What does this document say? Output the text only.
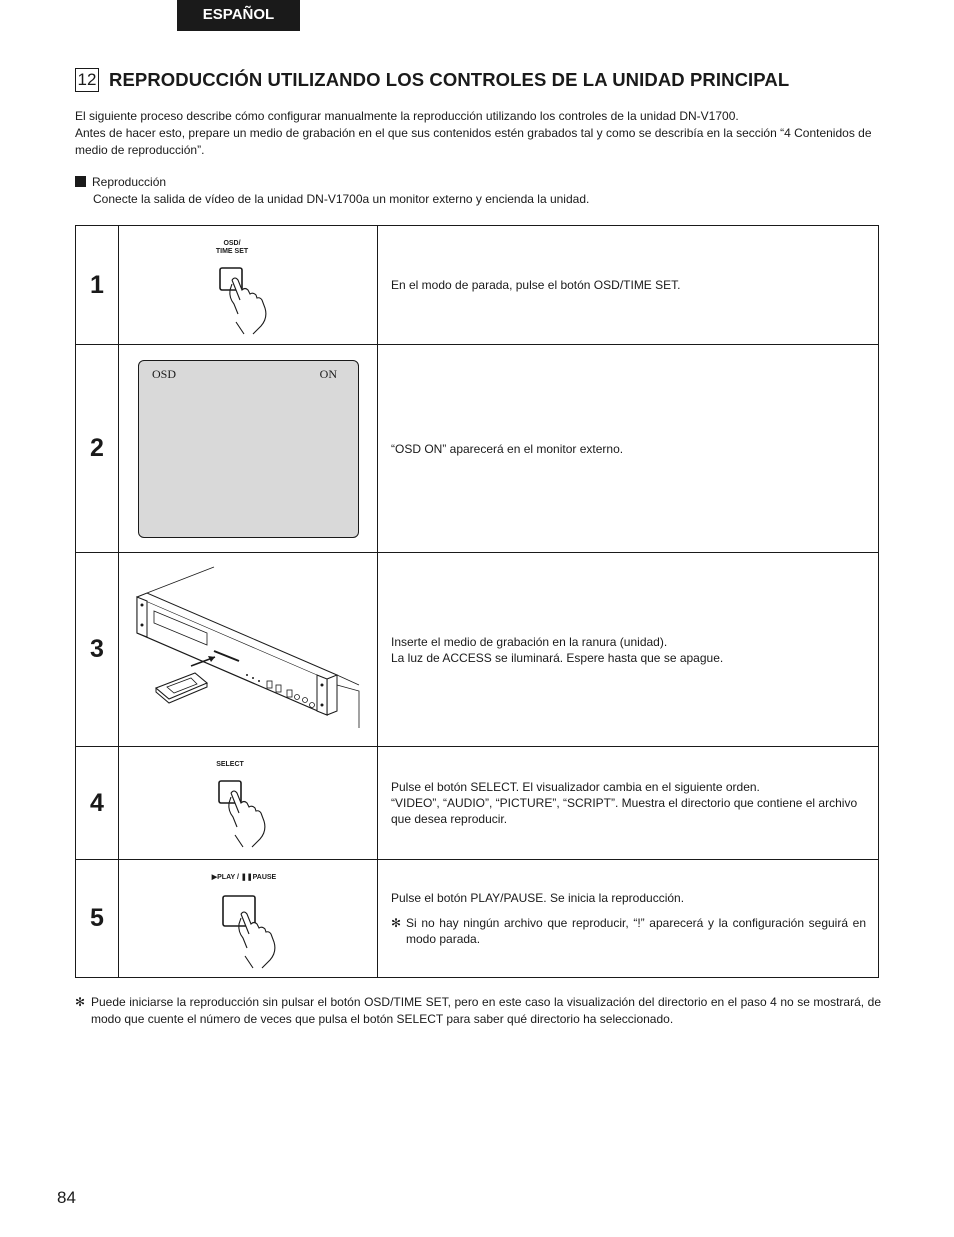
ESPAÑOL
12 REPRODUCCIÓN UTILIZANDO LOS CONTROLES DE LA UNIDAD PRINCIPAL

El siguiente proceso describe cómo configurar manualmente la reproducción utilizando los controles de la unidad DN-V1700.

Antes de hacer esto, prepare un medio de grabación en el que sus contenidos estén grabados tal y como se describía en la sección “4 Contenidos de medio de reproducción”.

Reproducción
Conecte la salida de vídeo de la unidad DN-V1700a un monitor externo y encienda la unidad.
1
OSD/
TIME SET

En el modo de parada, pulse el botón OSD/TIME SET.

2
OSD	ON

“OSD ON” aparecerá en el monitor externo.

3	Inserte el medio de grabación en la ranura (unidad).

La luz de ACCESS se iluminará. Espere hasta que se apague.

4
SELECT

Pulse el botón SELECT. El visualizador cambia en el siguiente orden.

“VIDEO”, “AUDIO”, “PICTURE”, “SCRIPT”. Muestra el directorio que contiene el archivo que desea reproducir.

5
▶PLAY / ❚❚PAUSE

Pulse el botón PLAY/PAUSE. Se inicia la reproducción.

✻ Si no hay ningún archivo que reproducir, “!” aparecerá y la configuración seguirá en modo parada.
✻ Puede iniciarse la reproducción sin pulsar el botón OSD/TIME SET, pero en este caso la visualización del directorio en el paso 4 no se mostrará, de modo que cuente el número de veces que pulsa el botón SELECT para saber qué directorio ha seleccionado.
84
